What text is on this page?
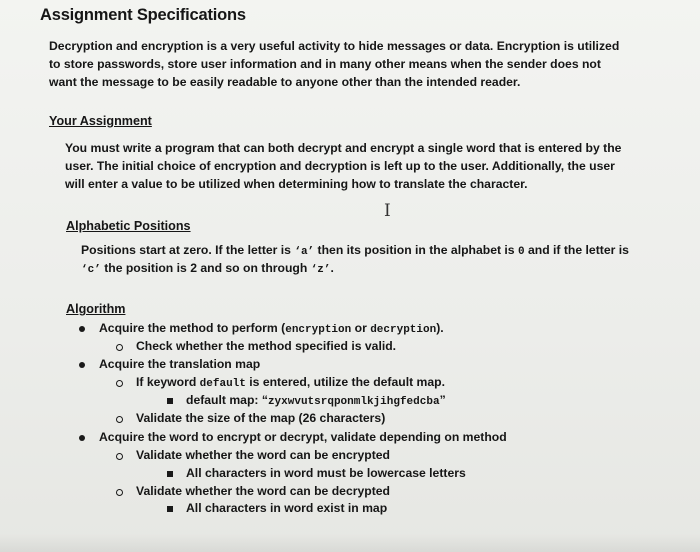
Assignment Specifications
Decryption and encryption is a very useful activity to hide messages or data. Encryption is utilized
to store passwords, store user information and in many other means when the sender does not
want the message to be easily readable to anyone other than the intended reader.
Your Assignment
You must write a program that can both decrypt and encrypt a single word that is entered by the
user. The initial choice of encryption and decryption is left up to the user. Additionally, the user
will enter a value to be utilized when determining how to translate the character.
I
Alphabetic Positions
Positions start at zero. If the letter is ‘a’ then its position in the alphabet is 0 and if the letter is
‘c’ the position is 2 and so on through ‘z’.
Algorithm
Acquire the method to perform (encryption or decryption).
Check whether the method specified is valid.
Acquire the translation map
If keyword default is entered, utilize the default map.
default map: “zyxwvutsrqponmlkjihgfedcba”
Validate the size of the map (26 characters)
Acquire the word to encrypt or decrypt, validate depending on method
Validate whether the word can be encrypted
All characters in word must be lowercase letters
Validate whether the word can be decrypted
All characters in word exist in map
